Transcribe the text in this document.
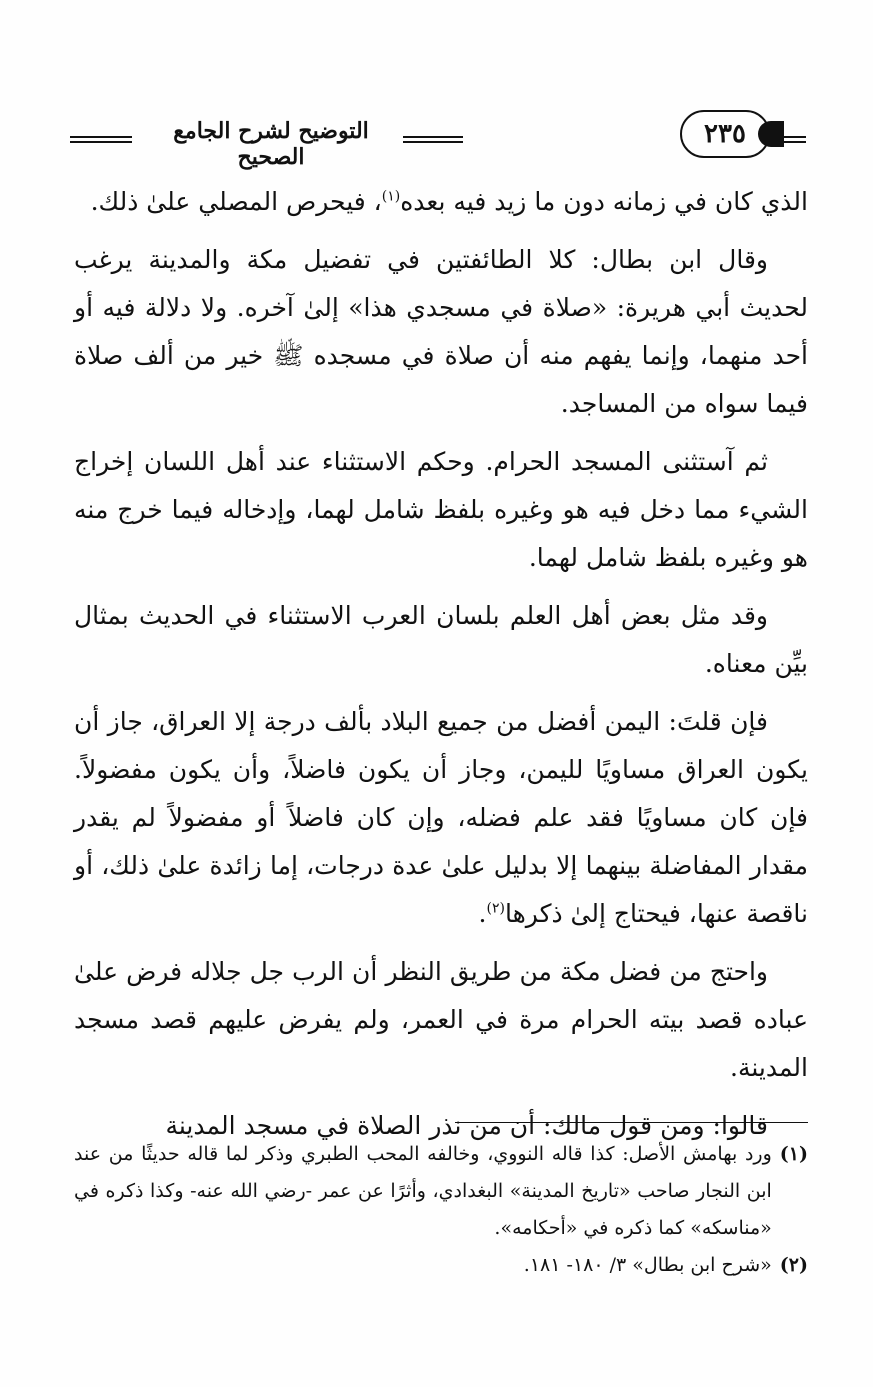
التوضيح لشرح الجامع الصحيح
٢٣٥

الذي كان في زمانه دون ما زيد فيه بعده$^{(١)}$، فيحرص المصلي علىٰ ذلك.

وقال ابن بطال: كلا الطائفتين في تفضيل مكة والمدينة يرغب لحديث أبي هريرة: «صلاة في مسجدي هذا» إلىٰ آخره. ولا دلالة فيه أو أحد منهما، وإنما يفهم منه أن صلاة في مسجده ﷺ خير من ألف صلاة فيما سواه من المساجد.

ثم آستثنى المسجد الحرام. وحكم الاستثناء عند أهل اللسان إخراج الشيء مما دخل فيه هو وغيره بلفظ شامل لهما، وإدخاله فيما خرج منه هو وغيره بلفظ شامل لهما.

وقد مثل بعض أهل العلم بلسان العرب الاستثناء في الحديث بمثال بيِّن معناه.

فإن قلتَ: اليمن أفضل من جميع البلاد بألف درجة إلا العراق، جاز أن يكون العراق مساويًا لليمن، وجاز أن يكون فاضلاً، وأن يكون مفضولاً. فإن كان مساويًا فقد علم فضله، وإن كان فاضلاً أو مفضولاً لم يقدر مقدار المفاضلة بينهما إلا بدليل علىٰ عدة درجات، إما زائدة علىٰ ذلك، أو ناقصة عنها، فيحتاج إلىٰ ذكرها$^{(٢)}$.

واحتج من فضل مكة من طريق النظر أن الرب جل جلاله فرض علىٰ عباده قصد بيته الحرام مرة في العمر، ولم يفرض عليهم قصد مسجد المدينة.

قالوا: ومن قول مالك: أن من نذر الصلاة في مسجد المدينة

(١)
ورد بهامش الأصل: كذا قاله النووي، وخالفه المحب الطبري وذكر لما قاله حديثًا من عند ابن النجار صاحب «تاريخ المدينة» البغدادي، وأثرًا عن عمر -رضي الله عنه- وكذا ذكره في «مناسكه» كما ذكره في «أحكامه».
(٢)
«شرح ابن بطال» ٣/ ١٨٠- ١٨١.
